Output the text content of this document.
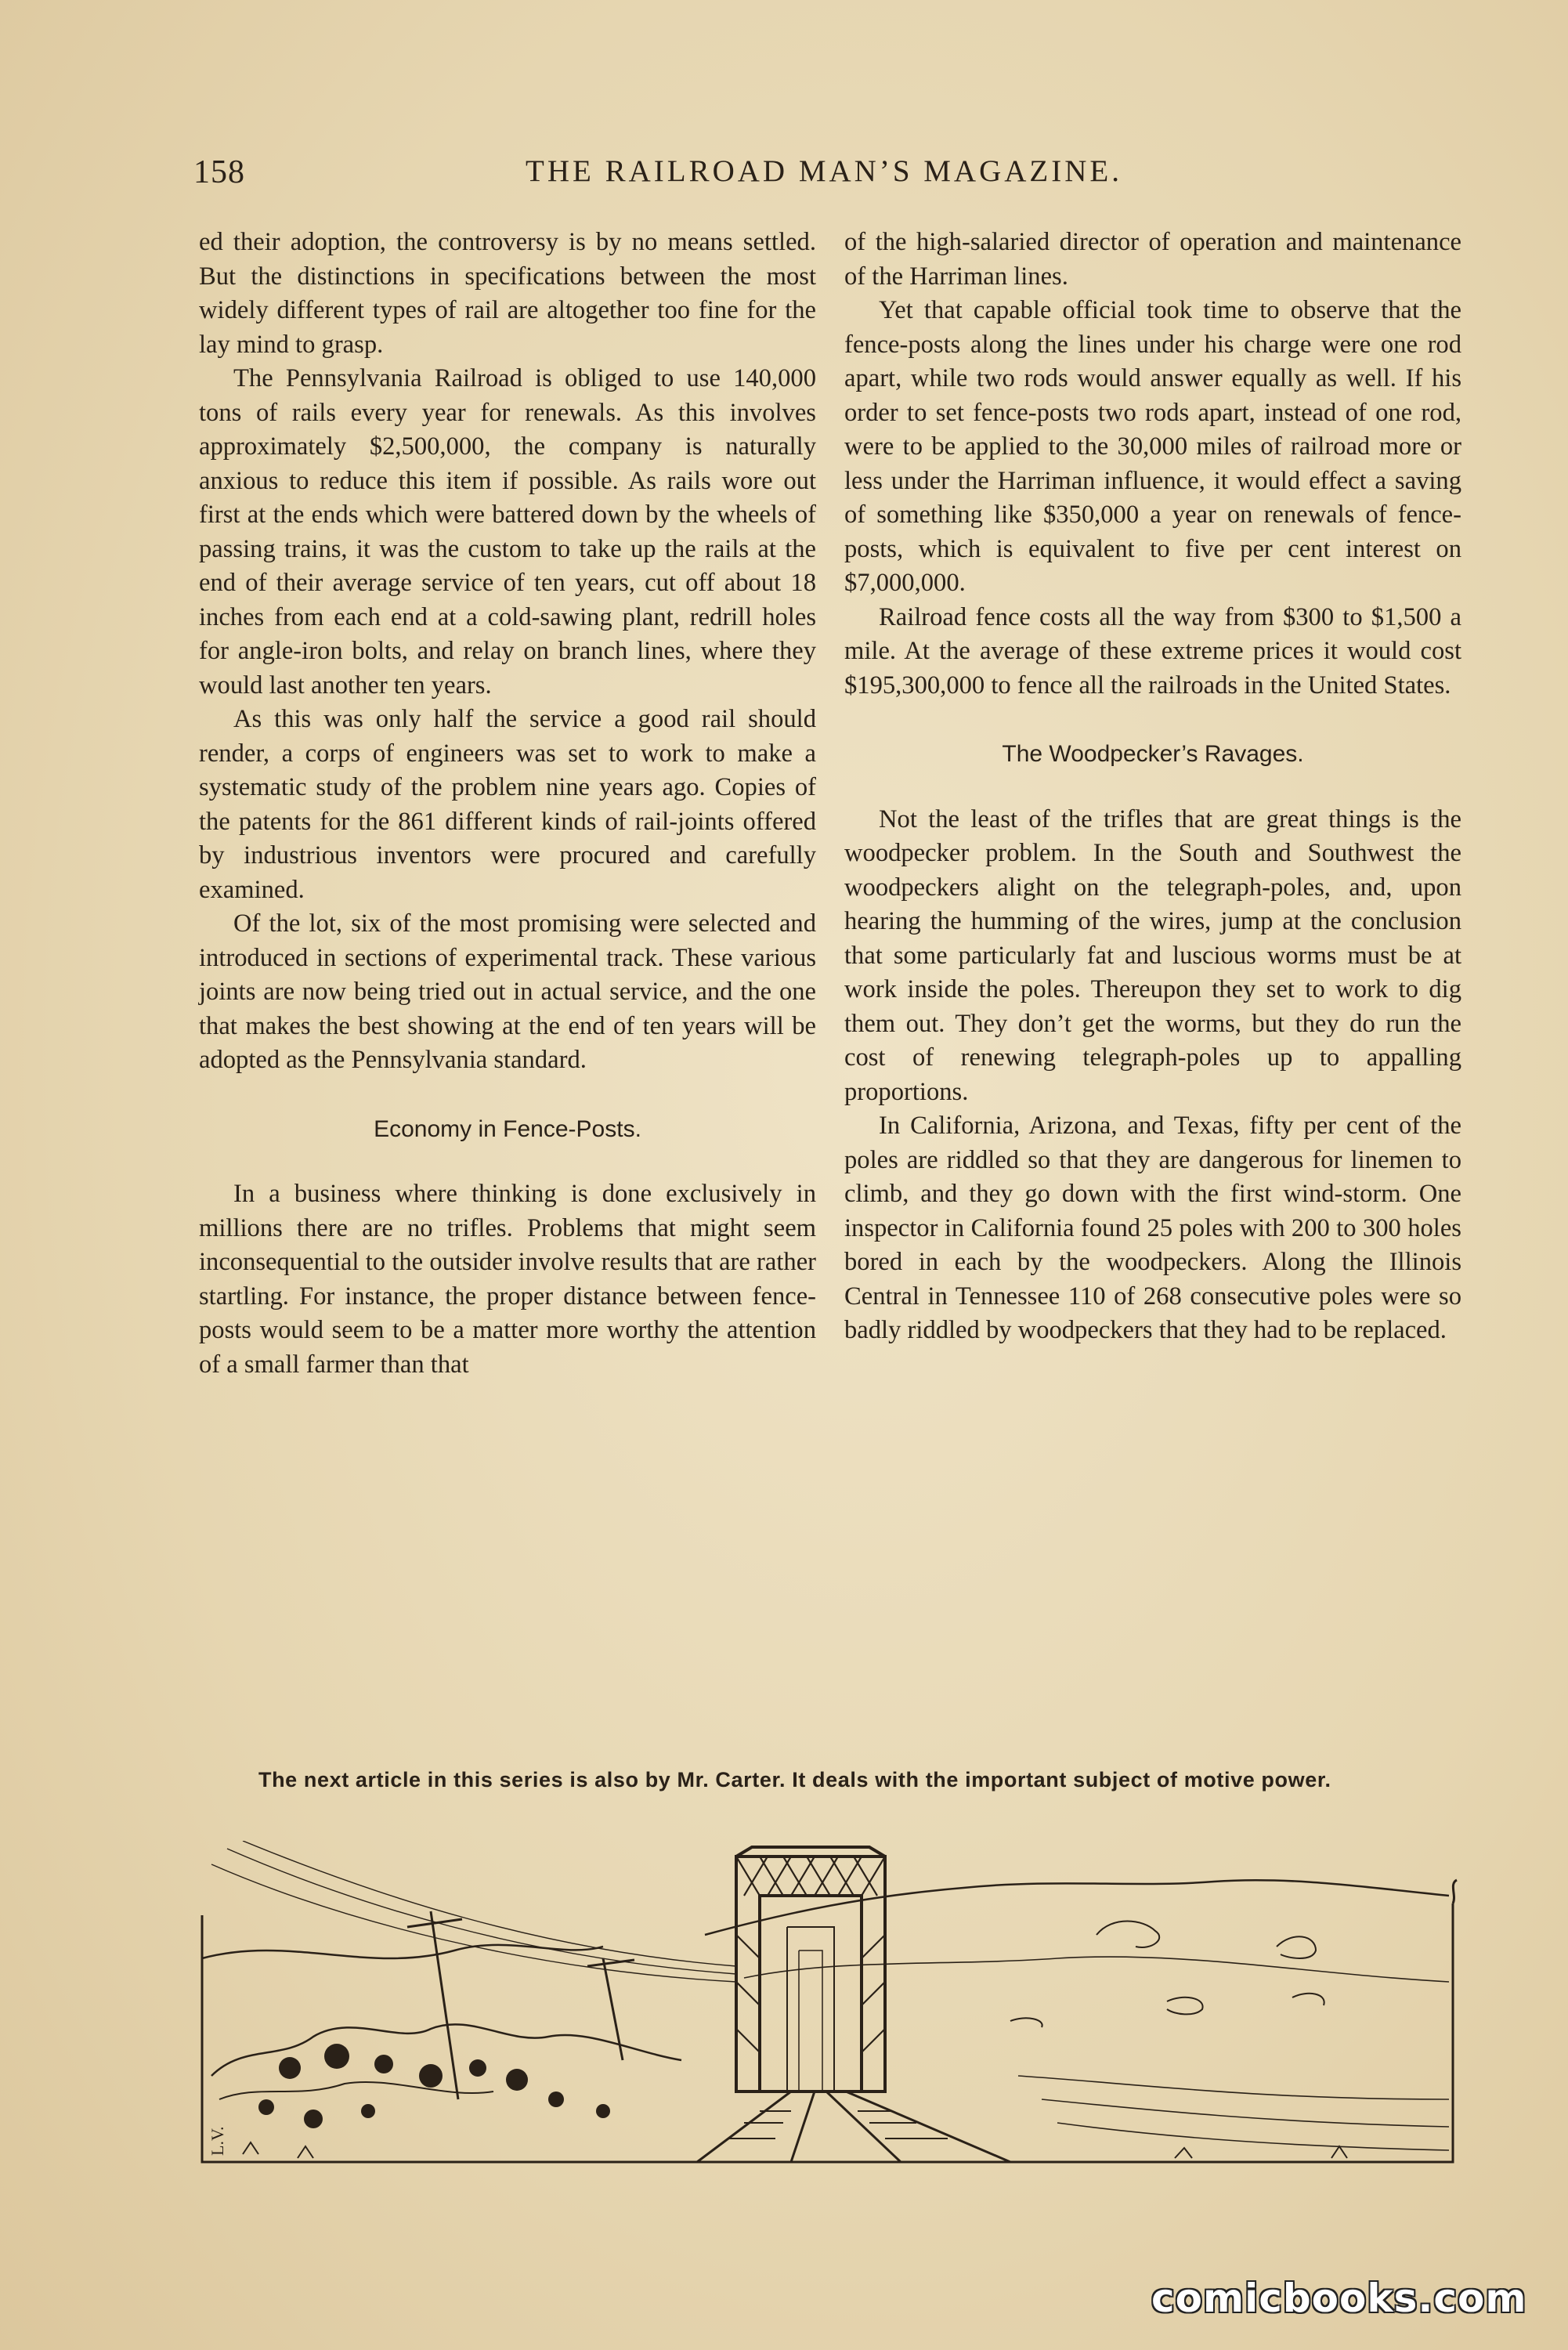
158	THE RAILROAD MAN’S MAGAZINE.

ed their adoption, the controversy is by no means settled. But the distinctions in specifications between the most widely different types of rail are altogether too fine for the lay mind to grasp.

The Pennsylvania Railroad is obliged to use 140,000 tons of rails every year for renewals. As this involves approximately $2,500,000, the company is naturally anxious to reduce this item if possible. As rails wore out first at the ends which were battered down by the wheels of passing trains, it was the custom to take up the rails at the end of their average service of ten years, cut off about 18 inches from each end at a cold-sawing plant, redrill holes for angle-iron bolts, and relay on branch lines, where they would last another ten years.

As this was only half the service a good rail should render, a corps of engineers was set to work to make a systematic study of the problem nine years ago. Copies of the patents for the 861 different kinds of rail-joints offered by industrious inventors were procured and carefully examined.

Of the lot, six of the most promising were selected and introduced in sections of experimental track. These various joints are now being tried out in actual service, and the one that makes the best showing at the end of ten years will be adopted as the Pennsylvania standard.

Economy in Fence-Posts.

In a business where thinking is done exclusively in millions there are no trifles. Problems that might seem inconsequential to the outsider involve results that are rather startling. For instance, the proper distance between fence-posts would seem to be a matter more worthy the attention of a small farmer than that

of the high-salaried director of operation and maintenance of the Harriman lines.

Yet that capable official took time to observe that the fence-posts along the lines under his charge were one rod apart, while two rods would answer equally as well. If his order to set fence-posts two rods apart, instead of one rod, were to be applied to the 30,000 miles of railroad more or less under the Harriman influence, it would effect a saving of something like $350,000 a year on renewals of fence-posts, which is equivalent to five per cent interest on $7,000,000.

Railroad fence costs all the way from $300 to $1,500 a mile. At the average of these extreme prices it would cost $195,300,000 to fence all the railroads in the United States.

The Woodpecker’s Ravages.

Not the least of the trifles that are great things is the woodpecker problem. In the South and Southwest the woodpeckers alight on the telegraph-poles, and, upon hearing the humming of the wires, jump at the conclusion that some particularly fat and luscious worms must be at work inside the poles. Thereupon they set to work to dig them out. They don’t get the worms, but they do run the cost of renewing telegraph-poles up to appalling proportions.

In California, Arizona, and Texas, fifty per cent of the poles are riddled so that they are dangerous for linemen to climb, and they go down with the first wind-storm. One inspector in California found 25 poles with 200 to 300 holes bored in each by the woodpeckers. Along the Illinois Central in Tennessee 110 of 268 consecutive poles were so badly riddled by woodpeckers that they had to be replaced.

The next article in this series is also by Mr. Carter. It deals with the important subject of motive power.
L.V.
comicbooks.com
